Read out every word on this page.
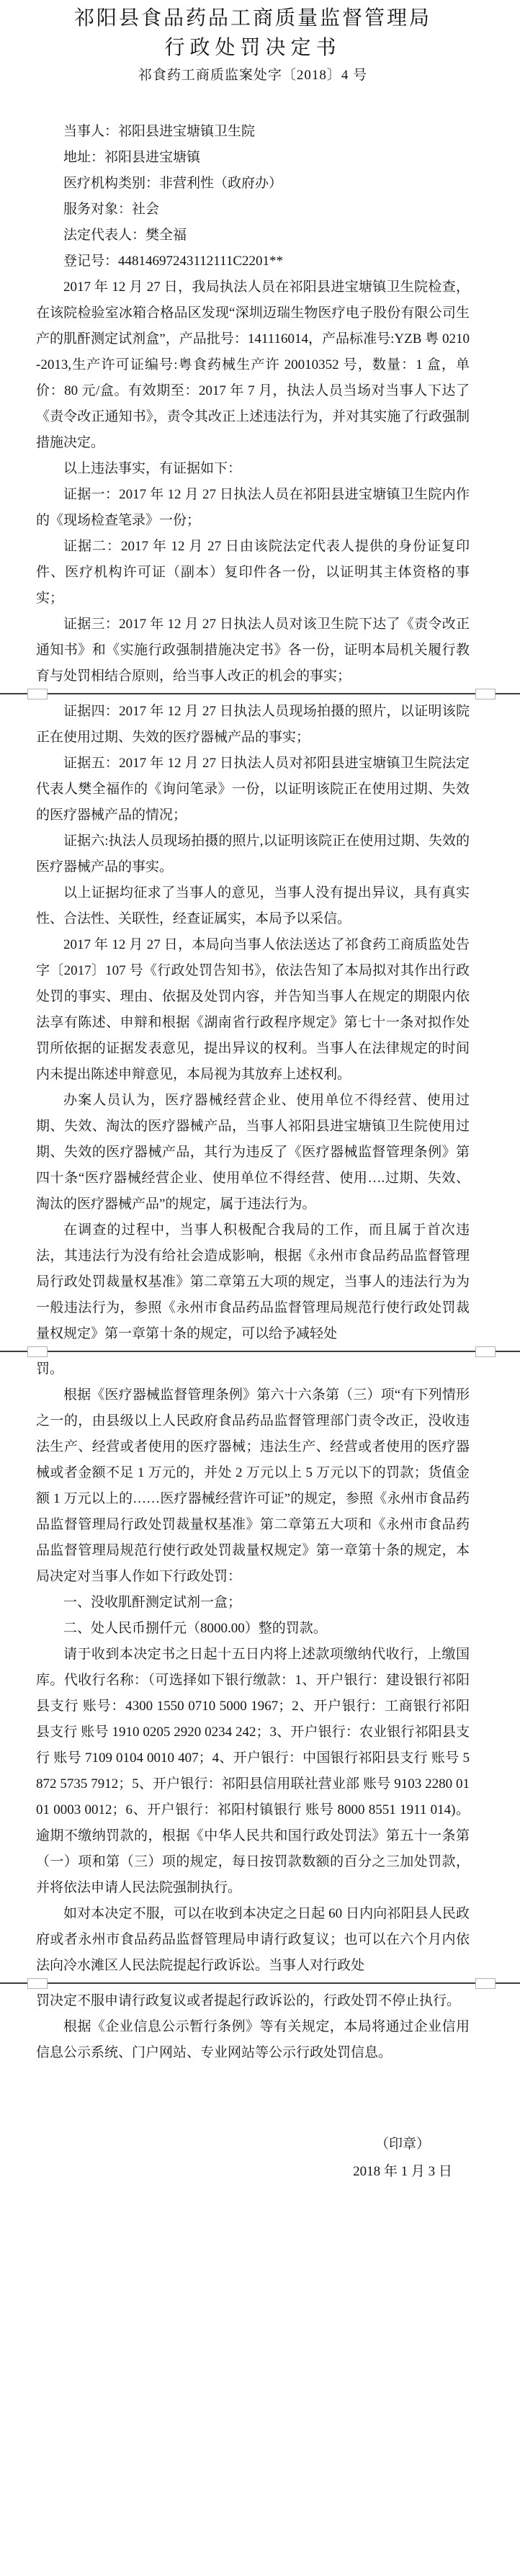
祁阳县食品药品工商质量监督管理局
行政处罚决定书
祁食药工商质监案处字〔2018〕4 号

当事人：祁阳县进宝塘镇卫生院

地址：祁阳县进宝塘镇

医疗机构类别：非营利性（政府办）

服务对象：社会

法定代表人：樊全福

登记号：44814697243112111C2201**

2017 年 12 月 27 日，我局执法人员在祁阳县进宝塘镇卫生院检查，在该院检验室冰箱合格品区发现“深圳迈瑞生物医疗电子股份有限公司生产的肌酐测定试剂盒”，产品批号：141116014，产品标准号:YZB 粤 0210-2013,生产许可证编号:粤食药械生产许 20010352 号，数量：1 盒，单价：80 元/盒。有效期至：2017 年 7 月，执法人员当场对当事人下达了《责令改正通知书》，责令其改正上述违法行为，并对其实施了行政强制措施决定。

以上违法事实，有证据如下：

证据一：2017 年 12 月 27 日执法人员在祁阳县进宝塘镇卫生院内作的《现场检查笔录》一份；

证据二：2017 年 12 月 27 日由该院法定代表人提供的身份证复印件、医疗机构许可证（副本）复印件各一份，以证明其主体资格的事实；

证据三：2017 年 12 月 27 日执法人员对该卫生院下达了《责令改正通知书》和《实施行政强制措施决定书》各一份，证明本局机关履行教育与处罚相结合原则，给当事人改正的机会的事实；

证据四：2017 年 12 月 27 日执法人员现场拍摄的照片，以证明该院正在使用过期、失效的医疗器械产品的事实；

证据五：2017 年 12 月 27 日执法人员对祁阳县进宝塘镇卫生院法定代表人樊全福作的《询问笔录》一份，以证明该院正在使用过期、失效的医疗器械产品的情况；

证据六:执法人员现场拍摄的照片,以证明该院正在使用过期、失效的医疗器械产品的事实。

以上证据均征求了当事人的意见，当事人没有提出异议，具有真实性、合法性、关联性，经查证属实，本局予以采信。

2017 年 12 月 27 日，本局向当事人依法送达了祁食药工商质监处告字〔2017〕107 号《行政处罚告知书》，依法告知了本局拟对其作出行政处罚的事实、理由、依据及处罚内容，并告知当事人在规定的期限内依法享有陈述、申辩和根据《湖南省行政程序规定》第七十一条对拟作处罚所依据的证据发表意见，提出异议的权利。当事人在法律规定的时间内未提出陈述申辩意见，本局视为其放弃上述权利。

办案人员认为，医疗器械经营企业、使用单位不得经营、使用过期、失效、淘汰的医疗器械产品，当事人祁阳县进宝塘镇卫生院使用过期、失效的医疗器械产品，其行为违反了《医疗器械监督管理条例》第四十条“医疗器械经营企业、使用单位不得经营、使用….过期、失效、淘汰的医疗器械产品”的规定，属于违法行为。

在调查的过程中，当事人积极配合我局的工作，而且属于首次违法，其违法行为没有给社会造成影响，根据《永州市食品药品监督管理局行政处罚裁量权基准》第二章第五大项的规定，当事人的违法行为为一般违法行为，参照《永州市食品药品监督管理局规范行使行政处罚裁量权规定》第一章第十条的规定，可以给予减轻处

罚。

根据《医疗器械监督管理条例》第六十六条第（三）项“有下列情形之一的，由县级以上人民政府食品药品监督管理部门责令改正，没收违法生产、经营或者使用的医疗器械；违法生产、经营或者使用的医疗器械或者金额不足 1 万元的，并处 2 万元以上 5 万元以下的罚款；货值金额 1 万元以上的……医疗器械经营许可证”的规定，参照《永州市食品药品监督管理局行政处罚裁量权基准》第二章第五大项和《永州市食品药品监督管理局规范行使行政处罚裁量权规定》第一章第十条的规定，本局决定对当事人作如下行政处罚：

一、没收肌酐测定试剂一盒；

二、处人民币捌仟元（8000.00）整的罚款。

请于收到本决定书之日起十五日内将上述款项缴纳代收行，上缴国库。代收行名称：（可选择如下银行缴款：1、开户银行：建设银行祁阳县支行 账号：4300 1550 0710 5000 1967；2、开户银行：工商银行祁阳县支行 账号 1910 0205 2920 0234 242；3、开户银行：农业银行祁阳县支行 账号 7109 0104 0010 407；4、开户银行：中国银行祁阳县支行 账号 5872 5735 7912；5、开户银行：祁阳县信用联社营业部 账号 9103 2280 0101 0003 0012；6、开户银行：祁阳村镇银行 账号 8000 8551 1911 014)。逾期不缴纳罚款的，根据《中华人民共和国行政处罚法》第五十一条第（一）项和第（三）项的规定，每日按罚款数额的百分之三加处罚款，并将依法申请人民法院强制执行。

如对本决定不服，可以在收到本决定之日起 60 日内向祁阳县人民政府或者永州市食品药品监督管理局申请行政复议；也可以在六个月内依法向冷水滩区人民法院提起行政诉讼。当事人对行政处

罚决定不服申请行政复议或者提起行政诉讼的，行政处罚不停止执行。

根据《企业信息公示暂行条例》等有关规定，本局将通过企业信用信息公示系统、门户网站、专业网站等公示行政处罚信息。

（印章）
2018 年 1 月 3 日
